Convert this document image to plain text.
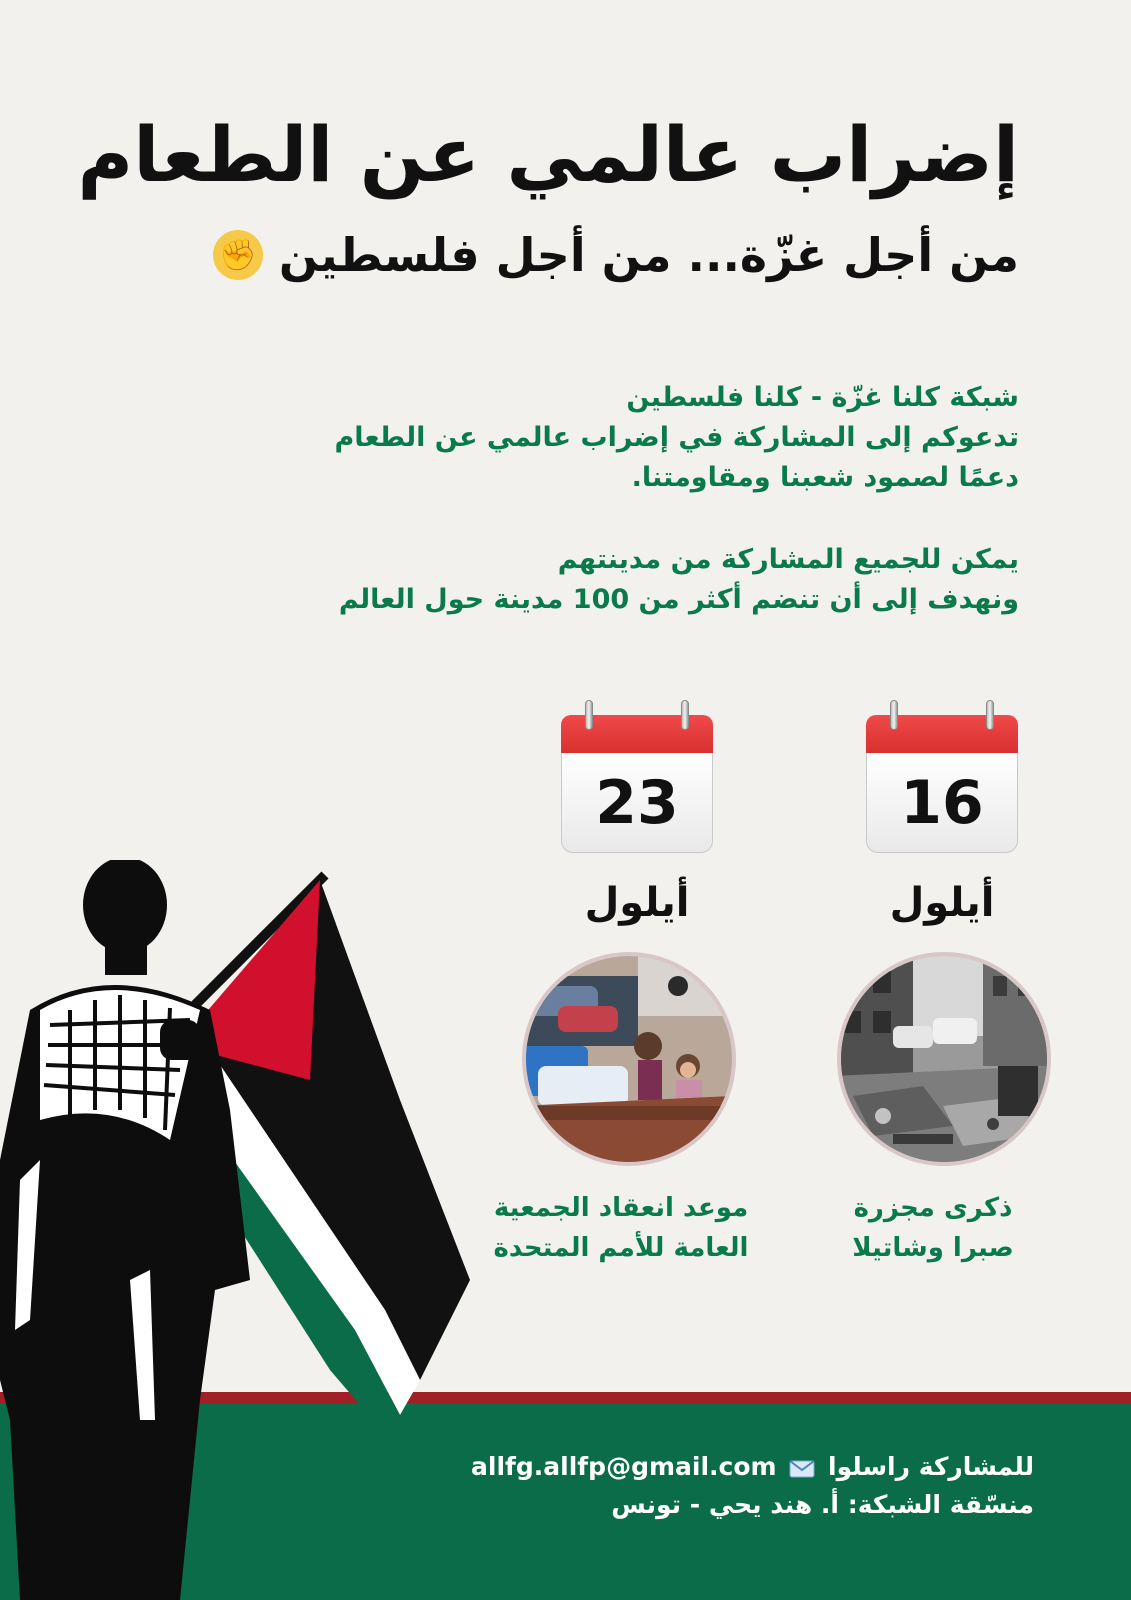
إضراب عالمي عن الطعام
من أجل غزّة... من أجل فلسطين
✊
شبكة كلنا غزّة - كلنا فلسطين
تدعوكم إلى المشاركة في إضراب عالمي عن الطعام
دعمًا لصمود شعبنا ومقاومتنا.
يمكن للجميع المشاركة من مدينتهم
ونهدف إلى أن تنضم أكثر من 100 مدينة حول العالم
16
أيلول
23
أيلول
ذكرى مجزرة
صبرا وشاتيلا
موعد انعقاد الجمعية
العامة للأمم المتحدة
للمشاركة راسلوا  allfg.allfp@gmail.com
منسّقة الشبكة: أ. هند يحي - تونس
